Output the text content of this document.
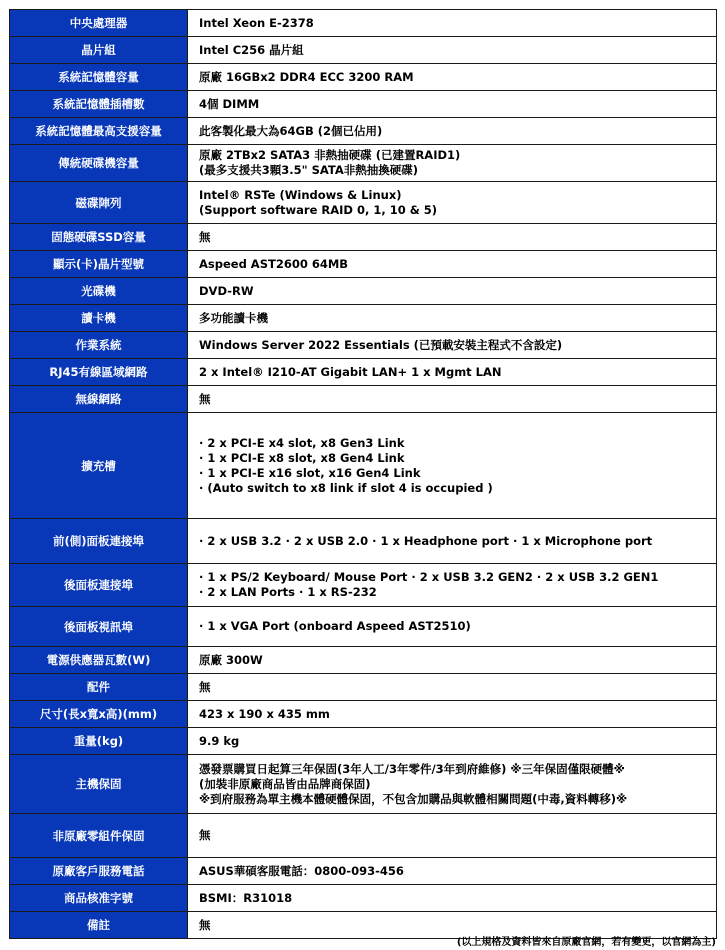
中央處理器	Intel Xeon E-2378

晶片組	Intel C256 晶片組

系統記憶體容量	原廠 16GBx2 DDR4 ECC 3200 RAM

系統記憶體插槽數	4個 DIMM

系統記憶體最高支援容量	此客製化最大為64GB (2個已佔用)

傳統硬碟機容量	原廠 2TBx2 SATA3 非熱抽硬碟 (已建置RAID1)
(最多支援共3顆3.5" SATA非熱抽換硬碟)

磁碟陣列	Intel® RSTe (Windows & Linux)
(Support software RAID 0, 1, 10 & 5)

固態硬碟SSD容量	無

顯示(卡)晶片型號	Aspeed AST2600 64MB

光碟機	DVD-RW

讀卡機	多功能讀卡機

作業系統	Windows Server 2022 Essentials (已預載安裝主程式不含設定)

RJ45有線區域網路	2 x Intel® I210-AT Gigabit LAN+ 1 x Mgmt LAN

無線網路	無

擴充槽	· 2 x PCI-E x4 slot, x8 Gen3 Link
· 1 x PCI-E x8 slot, x8 Gen4 Link
· 1 x PCI-E x16 slot, x16 Gen4 Link
· (Auto switch to x8 link if slot 4 is occupied )

前(側)面板連接埠	· 2 x USB 3.2 · 2 x USB 2.0 · 1 x Headphone port · 1 x Microphone port

後面板連接埠	· 1 x PS/2 Keyboard/ Mouse Port · 2 x USB 3.2 GEN2 · 2 x USB 3.2 GEN1
· 2 x LAN Ports · 1 x RS-232

後面板視訊埠	· 1 x VGA Port (onboard Aspeed AST2510)

電源供應器瓦數(W)	原廠 300W

配件	無

尺寸(長x寬x高)(mm)	423 x 190 x 435 mm

重量(kg)	9.9 kg

主機保固	憑發票購買日起算三年保固(3年人工/3年零件/3年到府維修) ※三年保固僅限硬體※
(加裝非原廠商品皆由品牌商保固)
※到府服務為單主機本體硬體保固，不包含加購品與軟體相關問題(中毒,資料轉移)※

非原廠零組件保固	無

原廠客戶服務電話	ASUS華碩客服電話：0800-093-456

商品核准字號	BSMI：R31018

備註	無
(以上規格及資料皆來自原廠官網，若有變更，以官網為主)
